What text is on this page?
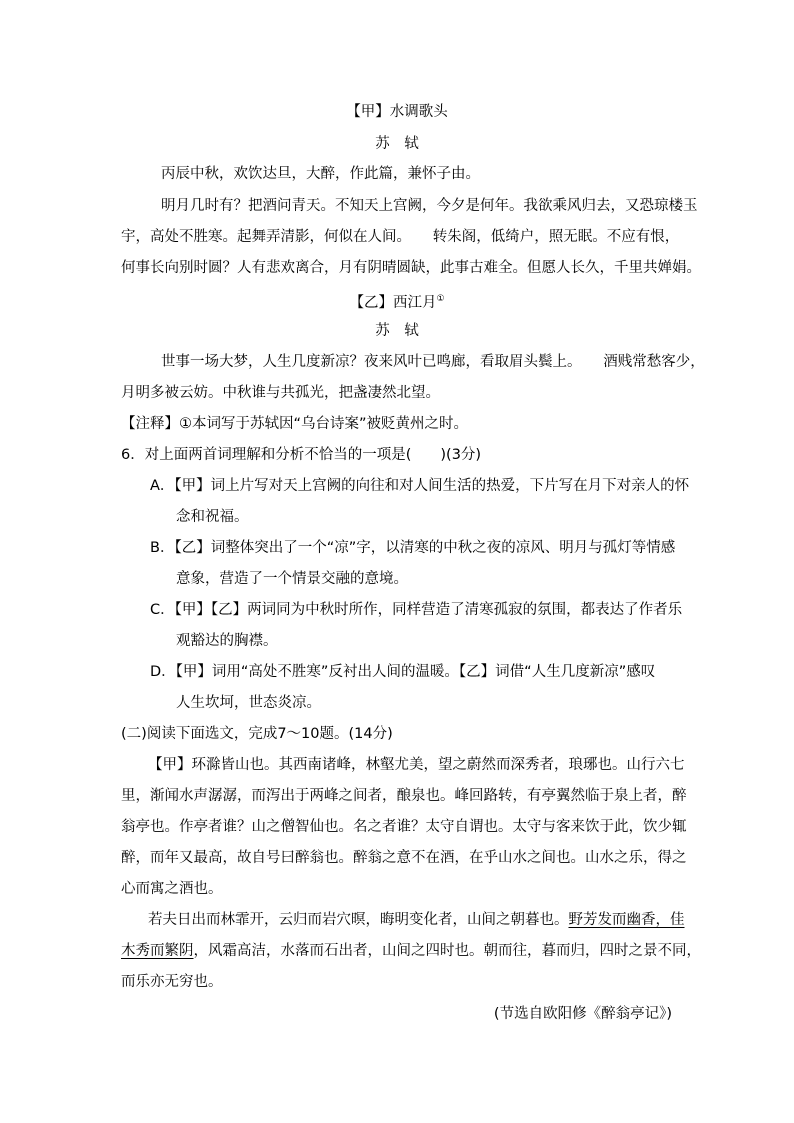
【甲】水调歌头
苏　轼
丙辰中秋，欢饮达旦，大醉，作此篇，兼怀子由。
明月几时有？把酒问青天。不知天上宫阙，今夕是何年。我欲乘风归去，又恐琼楼玉
宇，高处不胜寒。起舞弄清影，何似在人间。　　转朱阁，低绮户，照无眠。不应有恨，
何事长向别时圆？人有悲欢离合，月有阴晴圆缺，此事古难全。但愿人长久，千里共婵娟。
【乙】西江月①
苏　轼
世事一场大梦，人生几度新凉？夜来风叶已鸣廊，看取眉头鬓上。　　酒贱常愁客少，
月明多被云妨。中秋谁与共孤光，把盏凄然北望。
【注释】①本词写于苏轼因“乌台诗案”被贬黄州之时。
6．对上面两首词理解和分析不恰当的一项是(　　)(3分)
A．【甲】词上片写对天上宫阙的向往和对人间生活的热爱，下片写在月下对亲人的怀
念和祝福。
B．【乙】词整体突出了一个“凉”字，以清寒的中秋之夜的凉风、明月与孤灯等情感
意象，营造了一个情景交融的意境。
C．【甲】【乙】两词同为中秋时所作，同样营造了清寒孤寂的氛围，都表达了作者乐
观豁达的胸襟。
D．【甲】词用“高处不胜寒”反衬出人间的温暖。【乙】词借“人生几度新凉”感叹
人生坎坷，世态炎凉。
(二)阅读下面选文，完成7～10题。(14分)
【甲】环滁皆山也。其西南诸峰，林壑尤美，望之蔚然而深秀者，琅琊也。山行六七
里，渐闻水声潺潺，而泻出于两峰之间者，酿泉也。峰回路转，有亭翼然临于泉上者，醉
翁亭也。作亭者谁？山之僧智仙也。名之者谁？太守自谓也。太守与客来饮于此，饮少辄
醉，而年又最高，故自号曰醉翁也。醉翁之意不在酒，在乎山水之间也。山水之乐，得之
心而寓之酒也。
若夫日出而林霏开，云归而岩穴暝，晦明变化者，山间之朝暮也。野芳发而幽香，佳
木秀而繁阴，风霜高洁，水落而石出者，山间之四时也。朝而往，暮而归，四时之景不同，
而乐亦无穷也。
(节选自欧阳修《醉翁亭记》)
